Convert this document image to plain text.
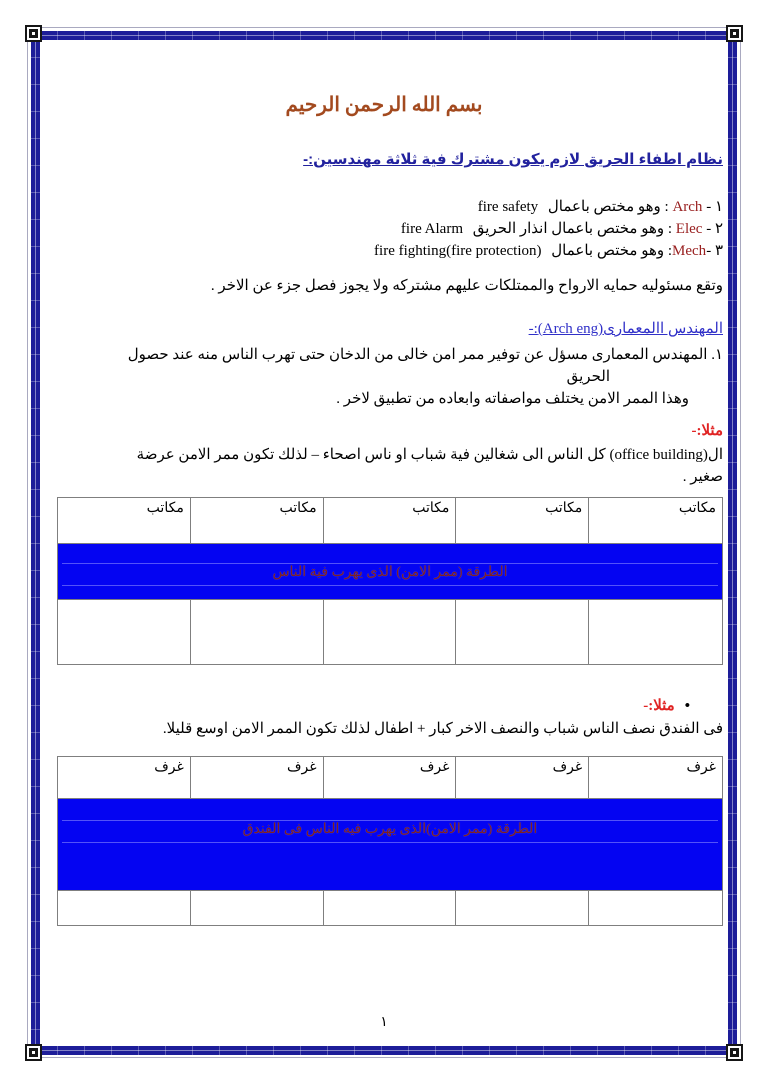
بسم الله الرحمن الرحيم
نظام اطفاء الحريق لازم يكون مشترك فية ثلاثة مهندسين:-
١ - Arch : وهو مختص باعمال fire safety
٢ - Elec : وهو مختص باعمال انذار الحريق fire Alarm
٣ -Mech: وهو مختص باعمال (fire protection)fire fighting
وتقع مسئوليه حمايه الارواح والممتلكات عليهم مشتركه ولا يجوز فصل جزء عن الاخر .
المهندس االمعمارى(Arch eng):-
١. المهندس المعمارى مسؤل عن توفير ممر امن خالى من الدخان حتى تهرب الناس منه عند حصول
الحريق
وهذا الممر الامن يختلف مواصفاته وابعاده من تطبيق لاخر .
مثلا:-
ال(office building) كل الناس الى شغالين فية شباب او ناس اصحاء – لذلك تكون ممر الامن عرضة
صغير .
مكاتب
مكاتب
مكاتب
مكاتب
مكاتب
الطرقة (ممر الامن) الذى يهرب فية الناس
•مثلا:-
فى الفندق نصف الناس شباب والنصف الاخر كبار + اطفال لذلك تكون الممر الامن اوسع قليلا.
غرف
غرف
غرف
غرف
غرف
الطرقة (ممر الامن)الذى يهرب فيه الناس فى الفندق
١
